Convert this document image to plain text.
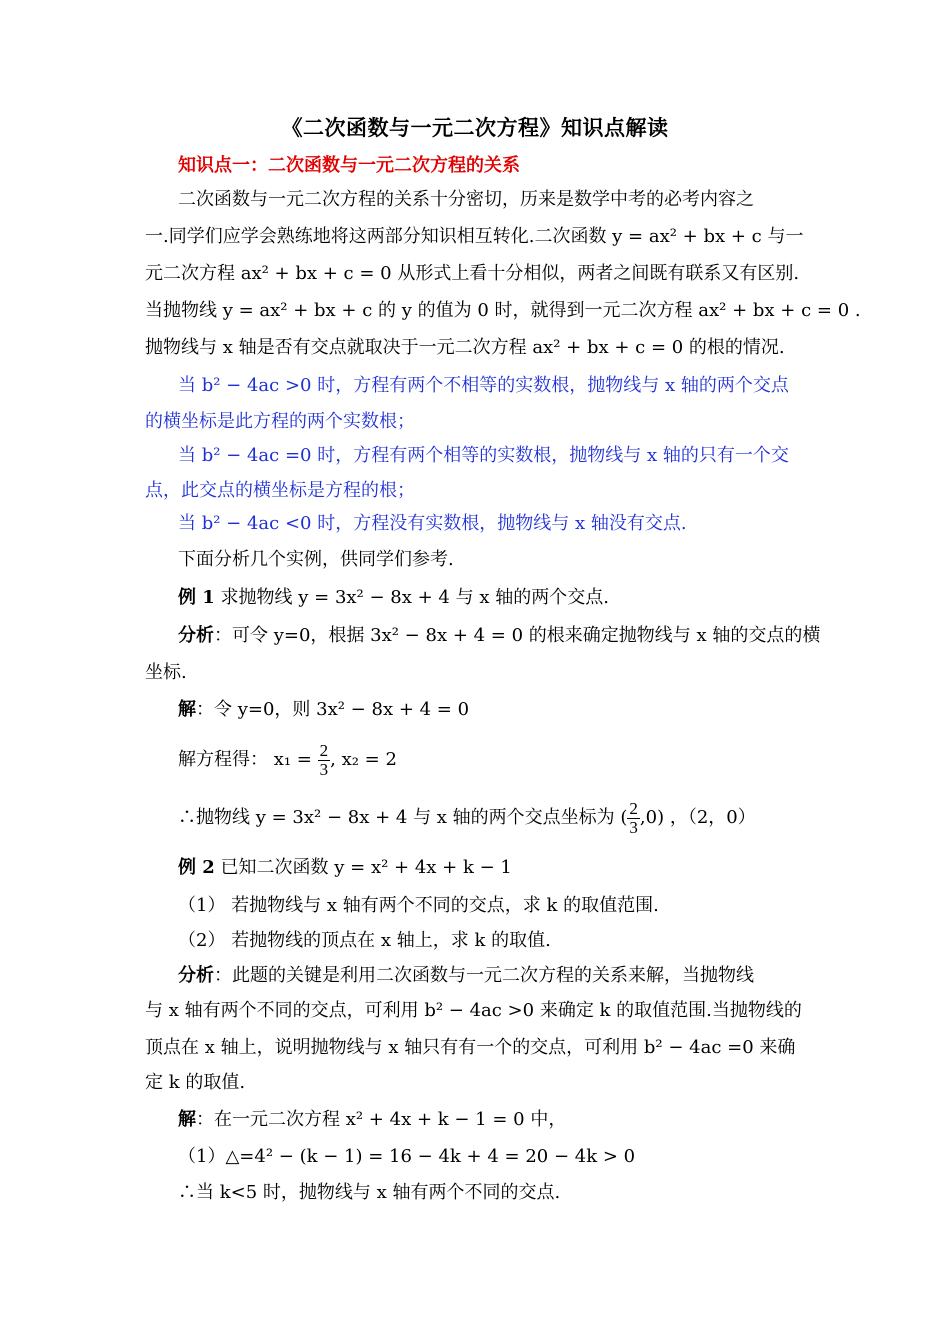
《二次函数与一元二次方程》知识点解读
知识点一：二次函数与一元二次方程的关系
二次函数与一元二次方程的关系十分密切，历来是数学中考的必考内容之
一.同学们应学会熟练地将这两部分知识相互转化.二次函数 y = ax² + bx + c 与一
元二次方程 ax² + bx + c = 0 从形式上看十分相似，两者之间既有联系又有区别.
当抛物线 y = ax² + bx + c 的 y 的值为 0 时，就得到一元二次方程 ax² + bx + c = 0 .
抛物线与 x 轴是否有交点就取决于一元二次方程 ax² + bx + c = 0 的根的情况.
当 b² − 4ac >0 时，方程有两个不相等的实数根，抛物线与 x 轴的两个交点
的横坐标是此方程的两个实数根；
当 b² − 4ac =0 时，方程有两个相等的实数根，抛物线与 x 轴的只有一个交
点，此交点的横坐标是方程的根；
当 b² − 4ac <0 时，方程没有实数根，抛物线与 x 轴没有交点.
下面分析几个实例，供同学们参考.
例 1 求抛物线 y = 3x² − 8x + 4 与 x 轴的两个交点.
分析：可令 y=0，根据 3x² − 8x + 4 = 0 的根来确定抛物线与 x 轴的交点的横
坐标.
解：令 y=0，则 3x² − 8x + 4 = 0
解方程得： $x_1 = \frac{2}{3}$ , x₂ = 2
∴抛物线 y = 3x² − 8x + 4 与 x 轴的两个交点坐标为 ( $\frac{2}{3} ,0$) ，（2，0）
例 2 已知二次函数 y = x² + 4x + k − 1
（1） 若抛物线与 x 轴有两个不同的交点，求 k 的取值范围.
（2） 若抛物线的顶点在 x 轴上，求 k 的取值.
分析：此题的关键是利用二次函数与一元二次方程的关系来解，当抛物线
与 x 轴有两个不同的交点，可利用 b² − 4ac >0 来确定 k 的取值范围.当抛物线的
顶点在 x 轴上，说明抛物线与 x 轴只有有一个的交点，可利用 b² − 4ac =0 来确
定 k 的取值.
解：在一元二次方程 x² + 4x + k − 1 = 0 中，
（1）△=4² − (k − 1) = 16 − 4k + 4 = 20 − 4k > 0
∴当 k<5 时，抛物线与 x 轴有两个不同的交点.
